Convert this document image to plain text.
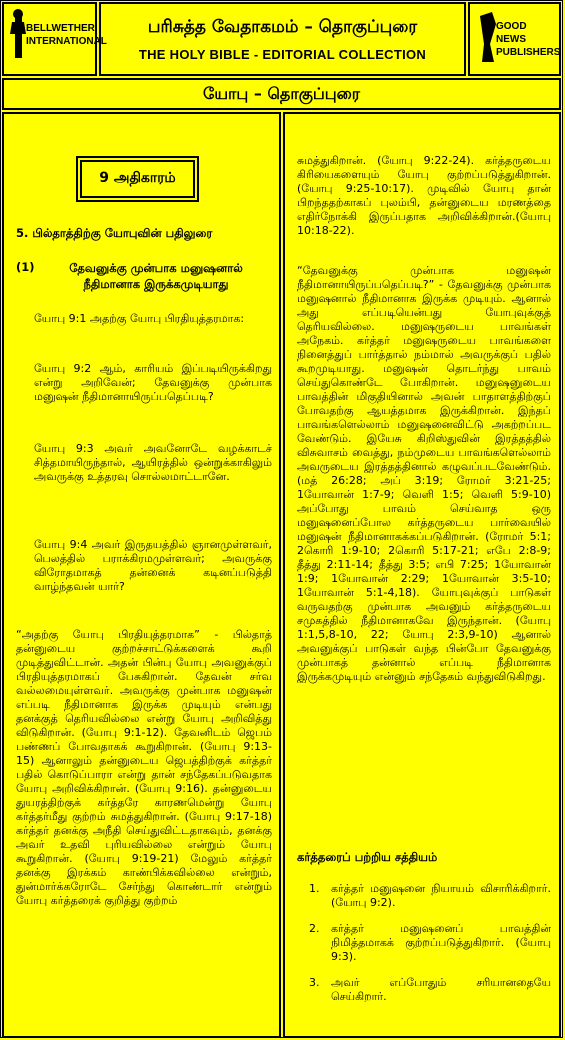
BELLWETHER INTERNATIONAL
பரிசுத்த வேதாகமம் – தொகுப்புரை
THE HOLY BIBLE - EDITORIAL COLLECTION
GOOD NEWS PUBLISHERS
யோபு – தொகுப்புரை
9 அதிகாரம்
5. பில்தாத்திற்கு யோபுவின் பதிலுரை
(1)	தேவனுக்கு முன்பாக மனுஷனால் நீதிமானாக இருக்கமுடியாது
யோபு 9:1 அதற்கு யோபு பிரதியுத்தரமாக:
யோபு 9:2 ஆம், காரியம் இப்படியிருக்கிறது என்று அறிவேன்; தேவனுக்கு முன்பாக மனுஷன் நீதிமானாயிருப்பதெப்படி?
யோபு 9:3 அவர் அவனோடே வழக்காடச் சித்தமாயிருந்தால், ஆயிரத்தில் ஒன்றுக்காகிலும் அவருக்கு உத்தரவு சொல்லமாட்டானே.
யோபு 9:4 அவர் இருதயத்தில் ஞானமுள்ளவர், பெலத்தில் பராக்கிரமமுள்ளவர்; அவருக்கு விரோதமாகத் தன்னைக் கடினப்படுத்தி வாழ்ந்தவன் யார்?
“அதற்கு யோபு பிரதியுத்தரமாக” - பில்தாத் தன்னுடைய குற்றச்சாட்டுக்களைக் கூறி முடித்துவிட்டான். அதன் பின்பு யோபு அவனுக்குப் பிரதியுத்தரமாகப் பேசுகிறான். தேவன் சர்வ வல்லமையுள்ளவர். அவருக்கு முன்பாக மனுஷன் எப்படி நீதிமானாக இருக்க முடியும் என்பது தனக்குத் தெரியவில்லை என்று யோபு அறிவித்து விடுகிறான். (யோபு 9:1-12). தேவனிடம் ஜெபம் பண்ணப் போவதாகக் கூறுகிறான். (யோபு 9:13-15) ஆனாலும் தன்னுடைய ஜெபத்திற்குக் கர்த்தர் பதில் கொடுப்பாரா என்று தான் சந்தேகப்படுவதாக யோபு அறிவிக்கிறான். (யோபு 9:16). தன்னுடைய துயரத்திற்குக் கர்த்தரே காரணமென்று யோபு கர்த்தர்மீது குற்றம் சுமத்துகிறான். (யோபு 9:17-18) கர்த்தர் தனக்கு அநீதி செய்துவிட்டதாகவும், தனக்கு அவர் உதவி புரியவில்லை என்றும் யோபு கூறுகிறான். (யோபு 9:19-21) மேலும் கர்த்தர் தனக்கு இரக்கம் காண்பிக்கவில்லை என்றும், துன்மார்க்கரோடே சேர்ந்து கொண்டார் என்றும் யோபு கர்த்தரைக் குறித்து குற்றம்
சுமத்துகிறான். (யோபு 9:22-24). கர்த்தருடைய கிரியைகளையும் யோபு குற்றப்படுத்துகிறான். (யோபு 9:25-10:17). முடிவில் யோபு தான் பிறந்ததற்காகப் புலம்பி, தன்னுடைய மரணத்தை எதிர்நோக்கி இருப்பதாக அறிவிக்கிறான்.(யோபு 10:18-22).
“தேவனுக்கு முன்பாக மனுஷன் நீதிமானாயிருப்பதெப்படி?” - தேவனுக்கு முன்பாக மனுஷனால் நீதிமானாக இருக்க முடியும். ஆனால் அது எப்படியென்பது யோபுவுக்குத் தெரியவில்லை. மனுஷருடைய பாவங்கள் அநேகம். கர்த்தர் மனுஷருடைய பாவங்களை நினைத்துப் பார்த்தால் நம்மால் அவருக்குப் பதில் கூறமுடியாது. மனுஷன் தொடர்ந்து பாவம் செய்துகொண்டே போகிறான். மனுஷனுடைய பாவத்தின் மிகுதியினால் அவன் பாதாளத்திற்குப் போவதற்கு ஆயத்தமாக இருக்கிறான். இந்தப் பாவங்களெல்லாம் மனுஷனைவிட்டு அகற்றப்பட வேண்டும். இயேசு கிறிஸ்துவின் இரத்தத்தில் விசுவாசம் வைத்து, நம்முடைய பாவங்களெல்லாம் அவருடைய இரத்தத்தினால் கழுவப்படவேண்டும். (மத் 26:28; அப் 3:19; ரோமர் 3:21-25; 1யோவான் 1:7-9; வெளி 1:5; வெளி 5:9-10) அப்போது பாவம் செய்வாத ஒரு மனுஷனைப்போல கர்த்தருடைய பார்வையில் மனுஷன் நீதிமானாகக்கப்படுகிறான். (ரோமர் 5:1; 2கொரி 1:9-10; 2கொரி 5:17-21; எபே 2:8-9; தீத்து 2:11-14; தீத்து 3:5; எபி 7:25; 1யோவான் 1:9; 1யோவான் 2:29; 1யோவான் 3:5-10; 1யோவான் 5:1-4,18). யோபுவுக்குப் பாடுகள் வருவதற்கு முன்பாக அவனும் கர்த்தருடைய சமுகத்தில் நீதிமானாகவே இருந்தான். (யோபு 1:1,5,8-10, 22; யோபு 2:3,9-10) ஆனால் அவனுக்குப் பாடுகள் வந்த பின்போ தேவனுக்கு முன்பாகத் தன்னால் எப்படி நீதிமானாக இருக்கமுடியும் என்னும் சந்தேகம் வந்துவிடுகிறது.
கர்த்தரைப் பற்றிய சத்தியம்
1.	கர்த்தர் மனுஷனை நியாயம் விசாரிக்கிறார். (யோபு 9:2).
2.	கர்த்தர் மனுஷனைப் பாவத்தின் நிமித்தமாகக் குற்றப்படுத்துகிறார். (யோபு 9:3).
3.	அவர் எப்போதும் சரியானதையே செய்கிறார்.
